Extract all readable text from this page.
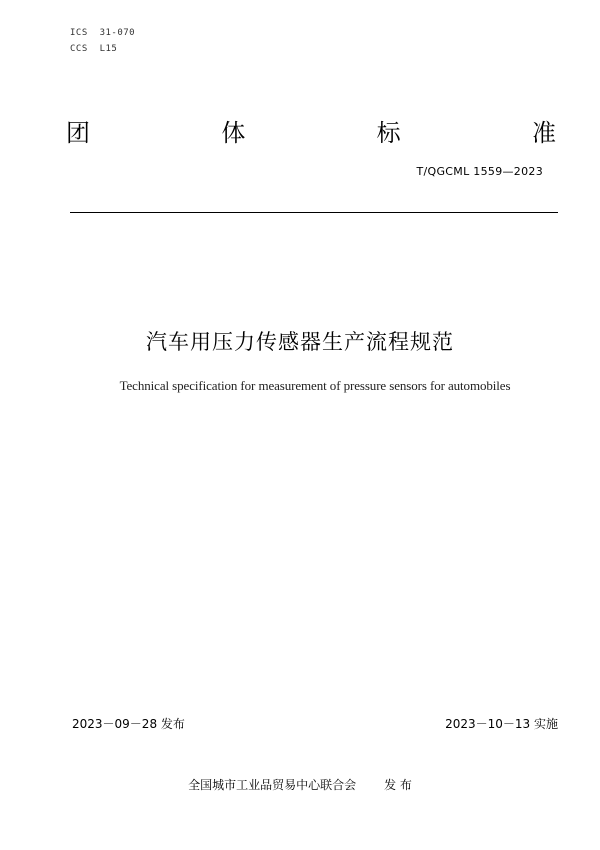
ICS  31-070
CCS  L15
团	体	标	准
T/QGCML 1559—2023
汽车用压力传感器生产流程规范
Technical specification for measurement of pressure sensors for automobiles
2023－09－28 发布	2023－10－13 实施
全国城市工业品贸易中心联合会 发 布
